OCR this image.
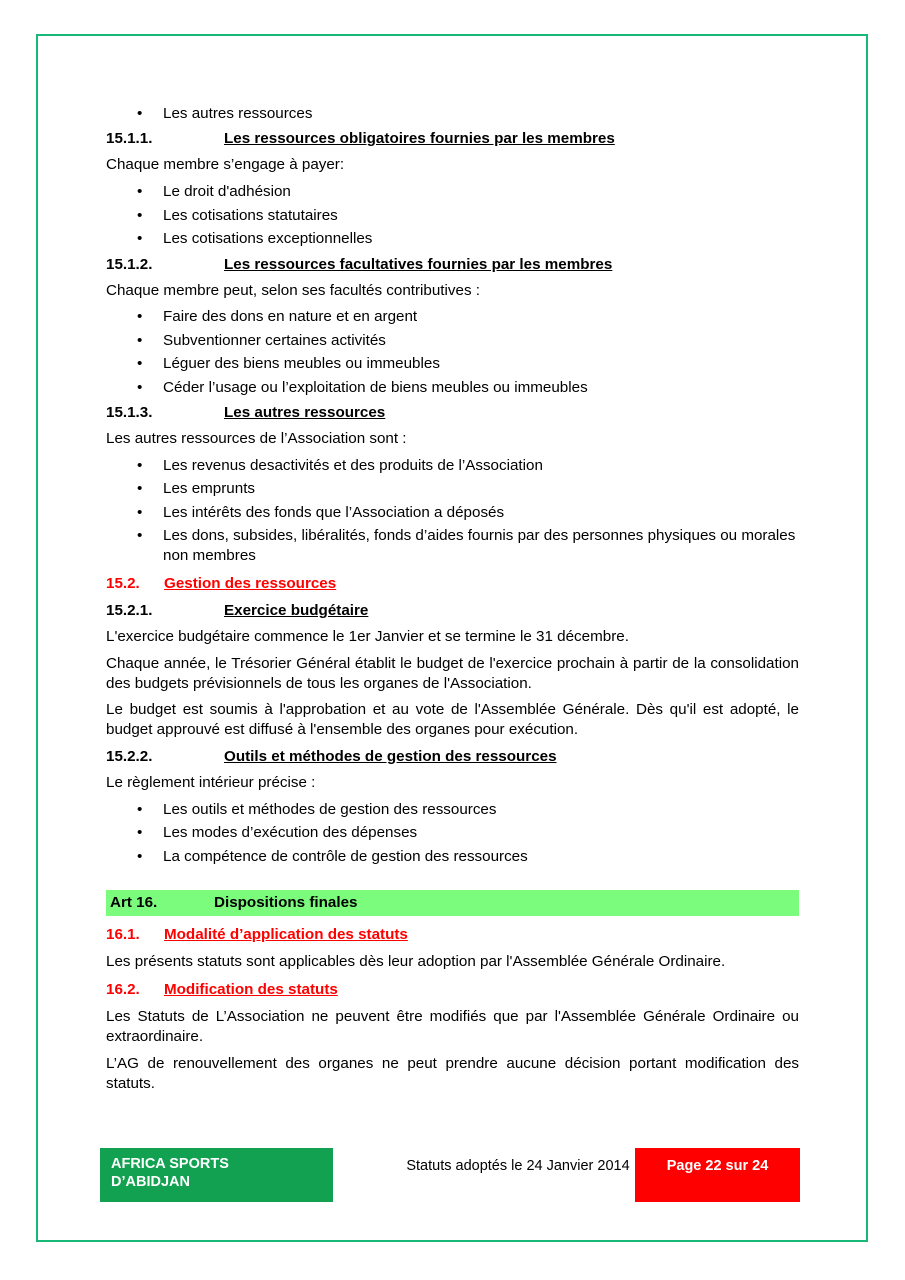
• Les autres ressources
15.1.1.	Les ressources obligatoires fournies par les membres

Chaque membre s’engage à payer:

• Le droit d'adhésion
• Les cotisations statutaires
• Les cotisations exceptionnelles
15.1.2.	Les ressources facultatives fournies par les membres

Chaque membre peut, selon ses facultés contributives :

• Faire des dons en nature et en argent
• Subventionner certaines activités
• Léguer des biens meubles ou immeubles
• Céder l’usage ou l’exploitation de biens meubles ou immeubles
15.1.3.	Les autres ressources

Les autres ressources de l’Association sont :

• Les revenus desactivités et des produits de l’Association
• Les emprunts
• Les intérêts des fonds que l’Association a déposés
• Les dons, subsides, libéralités, fonds d’aides fournis par des personnes physiques ou morales non membres
15.2.	Gestion des ressources
15.2.1.	Exercice budgétaire

L'exercice budgétaire commence le 1er Janvier et se termine le 31 décembre.

Chaque année, le Trésorier Général établit le budget de l'exercice prochain à partir de la consolidation des budgets prévisionnels de tous les organes de l'Association.

Le budget est soumis à l'approbation et au vote de l'Assemblée Générale. Dès qu'il est adopté, le budget approuvé est diffusé à l'ensemble des organes pour exécution.

15.2.2.	Outils et méthodes de gestion des ressources

Le règlement intérieur précise :

• Les outils et méthodes de gestion des ressources
• Les modes d’exécution des dépenses
• La compétence de contrôle de gestion des ressources
Art 16.	Dispositions finales
16.1.	Modalité d’application des statuts

Les présents statuts sont applicables dès leur adoption par l'Assemblée Générale Ordinaire.

16.2.	Modification des statuts

Les Statuts de L’Association ne peuvent être modifiés que par l'Assemblée Générale Ordinaire ou extraordinaire.

L’AG de renouvellement des organes ne peut prendre aucune décision portant modification des statuts.

AFRICA SPORTS
D’ABIDJAN
Statuts adoptés le 24 Janvier 2014	Page 22 sur 24
